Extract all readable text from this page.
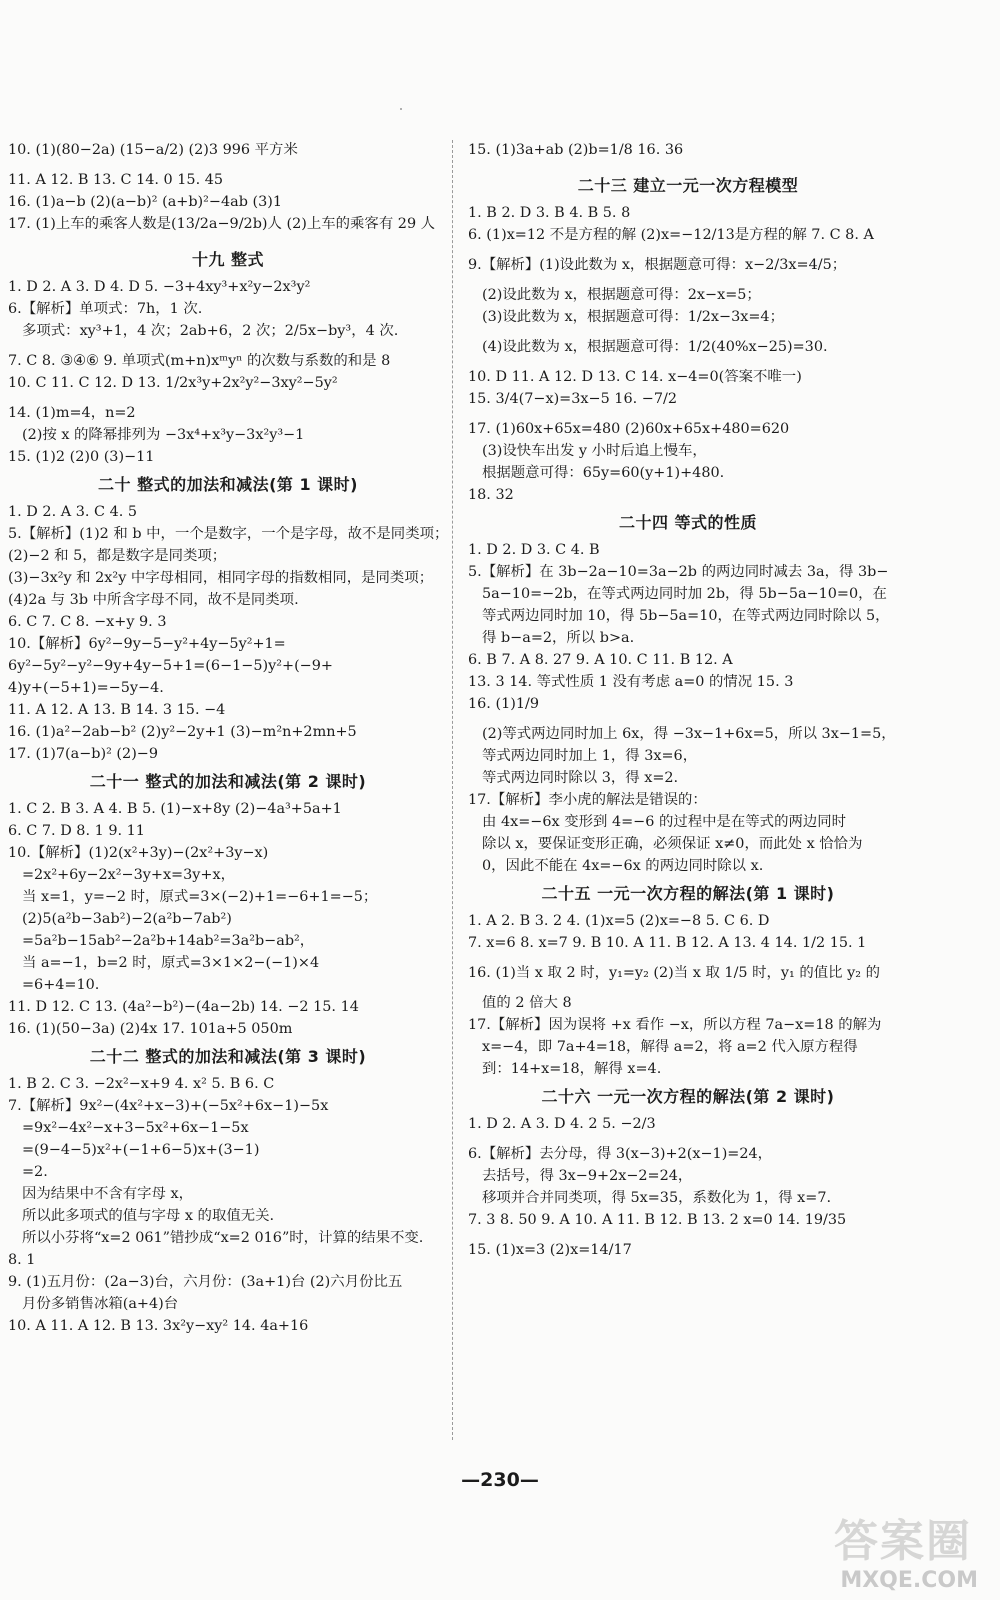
10. (1)(80−2a) (15−a/2) (2)3 996 平方米
11. A 12. B 13. C 14. 0 15. 45
16. (1)a−b (2)(a−b)² (a+b)²−4ab (3)1
17. (1)上车的乘客人数是(13/2a−9/2b)人 (2)上车的乘客有 29 人
十九 整式
1. D 2. A 3. D 4. D 5. −3+4xy³+x²y−2x³y²
6.【解析】单项式：7h，1 次.
多项式：xy³+1，4 次；2ab+6，2 次；2/5x−by³，4 次.
7. C 8. ③④⑥ 9. 单项式(m+n)xᵐyⁿ 的次数与系数的和是 8
10. C 11. C 12. D 13. 1/2x³y+2x²y²−3xy²−5y²
14. (1)m=4，n=2
(2)按 x 的降幂排列为 −3x⁴+x³y−3x²y³−1
15. (1)2 (2)0 (3)−11
二十 整式的加法和减法(第 1 课时)
1. D 2. A 3. C 4. 5
5.【解析】(1)2 和 b 中，一个是数字，一个是字母，故不是同类项；
(2)−2 和 5，都是数字是同类项；
(3)−3x²y 和 2x²y 中字母相同，相同字母的指数相同，是同类项；
(4)2a 与 3b 中所含字母不同，故不是同类项.
6. C 7. C 8. −x+y 9. 3
10.【解析】6y²−9y−5−y²+4y−5y²+1=
6y²−5y²−y²−9y+4y−5+1=(6−1−5)y²+(−9+
4)y+(−5+1)=−5y−4.
11. A 12. A 13. B 14. 3 15. −4
16. (1)a²−2ab−b² (2)y²−2y+1 (3)−m²n+2mn+5
17. (1)7(a−b)² (2)−9
二十一 整式的加法和减法(第 2 课时)
1. C 2. B 3. A 4. B 5. (1)−x+8y (2)−4a³+5a+1
6. C 7. D 8. 1 9. 11
10.【解析】(1)2(x²+3y)−(2x²+3y−x)
=2x²+6y−2x²−3y+x=3y+x，
当 x=1，y=−2 时，原式=3×(−2)+1=−6+1=−5；
(2)5(a²b−3ab²)−2(a²b−7ab²)
=5a²b−15ab²−2a²b+14ab²=3a²b−ab²，
当 a=−1，b=2 时，原式=3×1×2−(−1)×4
=6+4=10.
11. D 12. C 13. (4a²−b²)−(4a−2b) 14. −2 15. 14
16. (1)(50−3a) (2)4x 17. 101a+5 050m
二十二 整式的加法和减法(第 3 课时)
1. B 2. C 3. −2x²−x+9 4. x² 5. B 6. C
7.【解析】9x²−(4x²+x−3)+(−5x²+6x−1)−5x
=9x²−4x²−x+3−5x²+6x−1−5x
=(9−4−5)x²+(−1+6−5)x+(3−1)
=2.
因为结果中不含有字母 x，
所以此多项式的值与字母 x 的取值无关.
所以小芬将“x=2 061”错抄成“x=2 016”时，计算的结果不变.
8. 1
9. (1)五月份：(2a−3)台，六月份：(3a+1)台 (2)六月份比五
月份多销售冰箱(a+4)台
10. A 11. A 12. B 13. 3x²y−xy² 14. 4a+16
15. (1)3a+ab (2)b=1/8 16. 36
二十三 建立一元一次方程模型
1. B 2. D 3. B 4. B 5. 8
6. (1)x=12 不是方程的解 (2)x=−12/13是方程的解 7. C 8. A
9.【解析】(1)设此数为 x，根据题意可得：x−2/3x=4/5；
(2)设此数为 x，根据题意可得：2x−x=5；
(3)设此数为 x，根据题意可得：1/2x−3x=4；
(4)设此数为 x，根据题意可得：1/2(40%x−25)=30.
10. D 11. A 12. D 13. C 14. x−4=0(答案不唯一)
15. 3/4(7−x)=3x−5 16. −7/2
17. (1)60x+65x=480 (2)60x+65x+480=620
(3)设快车出发 y 小时后追上慢车，
根据题意可得：65y=60(y+1)+480.
18. 32
二十四 等式的性质
1. D 2. D 3. C 4. B
5.【解析】在 3b−2a−10=3a−2b 的两边同时减去 3a，得 3b−
5a−10=−2b，在等式两边同时加 2b，得 5b−5a−10=0，在
等式两边同时加 10，得 5b−5a=10，在等式两边同时除以 5，
得 b−a=2，所以 b>a.
6. B 7. A 8. 27 9. A 10. C 11. B 12. A
13. 3 14. 等式性质 1 没有考虑 a=0 的情况 15. 3
16. (1)1/9
(2)等式两边同时加上 6x，得 −3x−1+6x=5，所以 3x−1=5，
等式两边同时加上 1，得 3x=6，
等式两边同时除以 3，得 x=2.
17.【解析】李小虎的解法是错误的：
由 4x=−6x 变形到 4=−6 的过程中是在等式的两边同时
除以 x，要保证变形正确，必须保证 x≠0，而此处 x 恰恰为
0，因此不能在 4x=−6x 的两边同时除以 x.
二十五 一元一次方程的解法(第 1 课时)
1. A 2. B 3. 2 4. (1)x=5 (2)x=−8 5. C 6. D
7. x=6 8. x=7 9. B 10. A 11. B 12. A 13. 4 14. 1/2 15. 1
16. (1)当 x 取 2 时，y₁=y₂ (2)当 x 取 1/5 时，y₁ 的值比 y₂ 的
值的 2 倍大 8
17.【解析】因为误将 +x 看作 −x，所以方程 7a−x=18 的解为
x=−4，即 7a+4=18，解得 a=2，将 a=2 代入原方程得
到：14+x=18，解得 x=4.
二十六 一元一次方程的解法(第 2 课时)
1. D 2. A 3. D 4. 2 5. −2/3
6.【解析】去分母，得 3(x−3)+2(x−1)=24，
去括号，得 3x−9+2x−2=24，
移项并合并同类项，得 5x=35，系数化为 1，得 x=7.
7. 3 8. 50 9. A 10. A 11. B 12. B 13. 2 x=0 14. 19/35
15. (1)x=3 (2)x=14/17
—230—
答案圈
MXQE.COM
